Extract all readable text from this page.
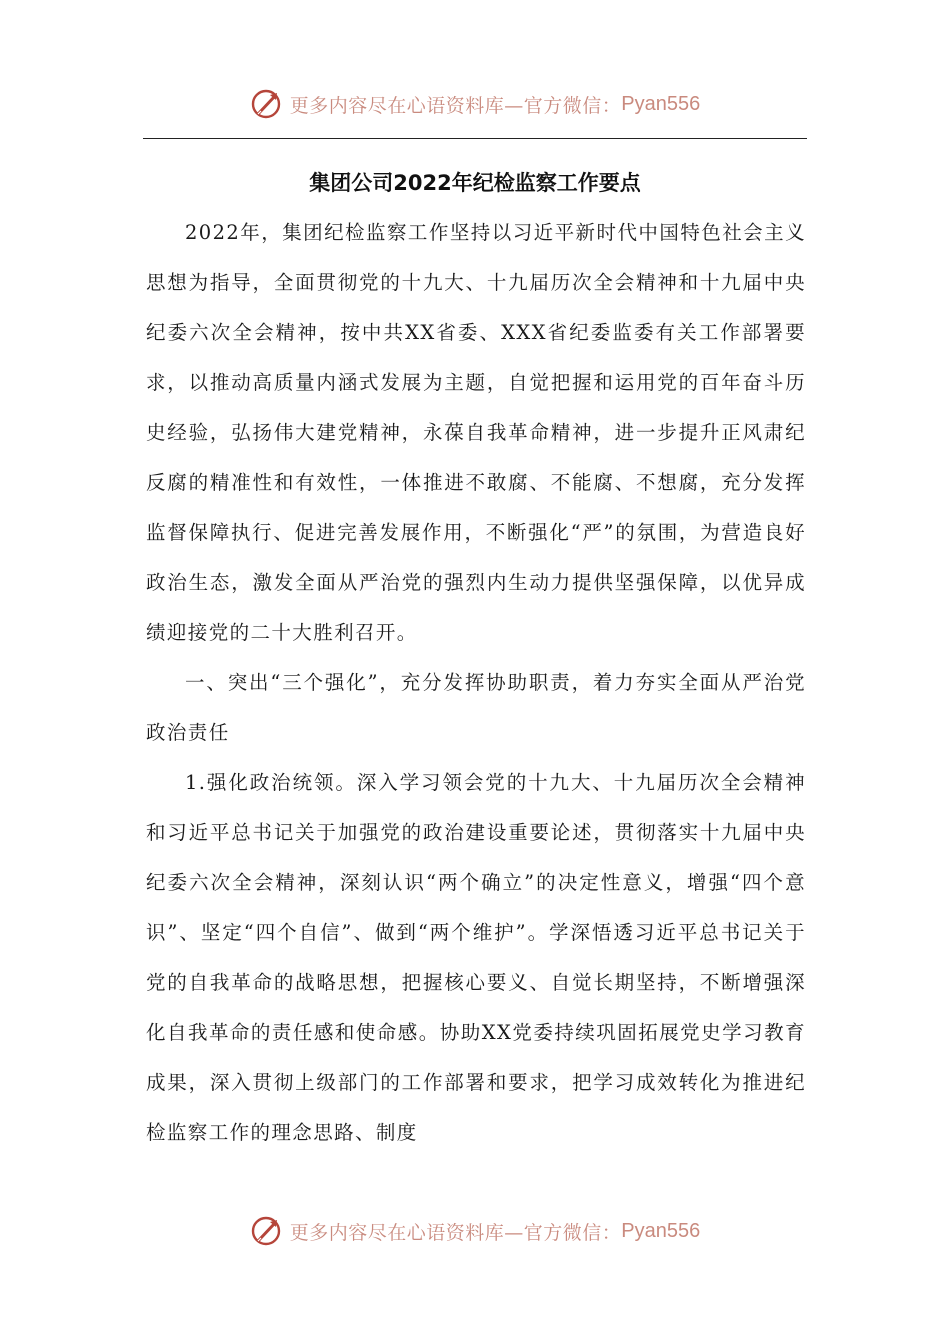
更多内容尽在心语资料库—官方微信： Pyan556
集团公司2022年纪检监察工作要点

2022年，集团纪检监察工作坚持以习近平新时代中国特色社会主义思想为指导，全面贯彻党的十九大、十九届历次全会精神和十九届中央纪委六次全会精神，按中共XX省委、XXX省纪委监委有关工作部署要求，以推动高质量内涵式发展为主题，自觉把握和运用党的百年奋斗历史经验，弘扬伟大建党精神，永葆自我革命精神，进一步提升正风肃纪反腐的精准性和有效性，一体推进不敢腐、不能腐、不想腐，充分发挥监督保障执行、促进完善发展作用，不断强化“严”的氛围，为营造良好政治生态，激发全面从严治党的强烈内生动力提供坚强保障，以优异成绩迎接党的二十大胜利召开。

一、突出“三个强化”，充分发挥协助职责，着力夯实全面从严治党政治责任

1.强化政治统领。深入学习领会党的十九大、十九届历次全会精神和习近平总书记关于加强党的政治建设重要论述，贯彻落实十九届中央纪委六次全会精神，深刻认识“两个确立”的决定性意义，增强“四个意识”、坚定“四个自信”、做到“两个维护”。学深悟透习近平总书记关于党的自我革命的战略思想，把握核心要义、自觉长期坚持，不断增强深化自我革命的责任感和使命感。协助XX党委持续巩固拓展党史学习教育成果，深入贯彻上级部门的工作部署和要求，把学习成效转化为推进纪检监察工作的理念思路、制度

更多内容尽在心语资料库—官方微信： Pyan556
